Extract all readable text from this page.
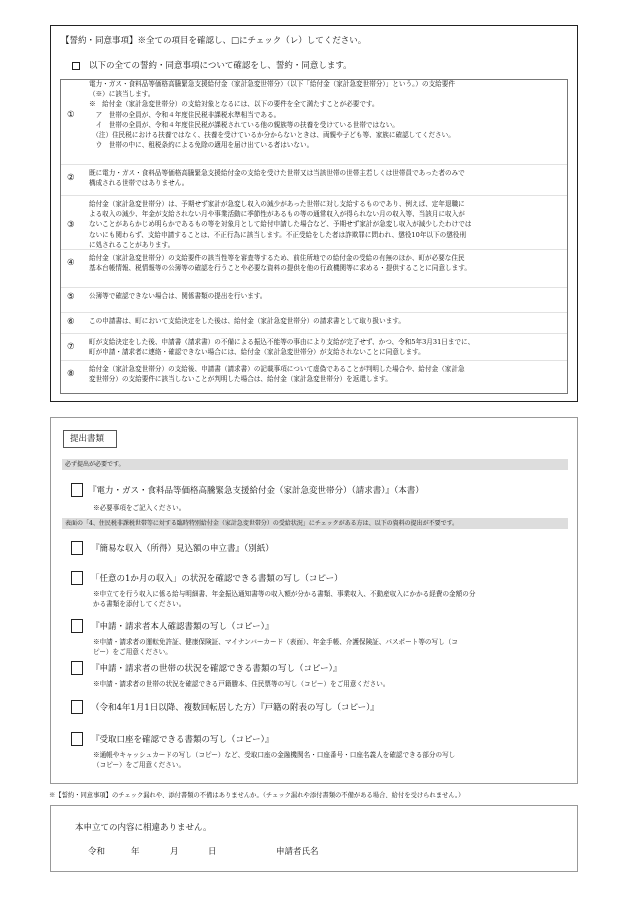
【誓約・同意事項】※全ての項目を確認し、□にチェック（レ）してください。
以下の全ての誓約・同意事項について確認をし、誓約・同意します。
①
電力・ガス・食料品等価格高騰緊急支援給付金（家計急変世帯分）（以下「給付金（家計急変世帯分）」という。）の支給要件
（※）に該当します。
※　給付金（家計急変世帯分）の支給対象となるには、以下の要件を全て満たすことが必要です。
　ア　世帯の全員が、令和４年度住民税非課税水準相当である。
　イ　世帯の全員が、令和４年度住民税が課税されている他の親族等の扶養を受けている世帯ではない。
　（注）住民税における扶養ではなく、扶養を受けているか分からないときは、両親や子ども等、家族に確認してください。
　ウ　世帯の中に、租税条約による免除の適用を届け出ている者はいない。
②
既に電力・ガス・食料品等価格高騰緊急支援給付金の支給を受けた世帯又は当該世帯の世帯主若しくは世帯員であった者のみで
構成される世帯ではありません。
③
給付金（家計急変世帯分）は、予期せず家計が急変し収入の減少があった世帯に対し支給するものであり、例えば、定年退職に
よる収入の減少、年金が支給されない月や事業活動に季節性があるもの等の通常収入が得られない月の収入等、当該月に収入が
ないことがあらかじめ明らかであるもの等を対象月として給付申請した場合など、予期せず家計が急変し収入が減少したわけでは
ないにも関わらず、支給申請することは、不正行為に該当します。不正受給をした者は詐欺罪に問われ、懲役10年以下の懲役刑
に処されることがあります。
④
給付金（家計急変世帯分）の支給要件の該当性等を審査等するため、前住所地での給付金の受給の有無のほか、町が必要な住民
基本台帳情報、税情報等の公簿等の確認を行うことや必要な資料の提供を他の行政機関等に求める・提供することに同意します。
⑤ 公簿等で確認できない場合は、関係書類の提出を行います。
⑥ この申請書は、町において支給決定をした後は、給付金（家計急変世帯分）の請求書として取り扱います。
⑦
町が支給決定をした後、申請書（請求書）の不備による振込不能等の事由により支給が完了せず、かつ、令和5年3月31日までに、
町が申請・請求者に連絡・確認できない場合には、給付金（家計急変世帯分）が支給されないことに同意します。
⑧
給付金（家計急変世帯分）の支給後、申請書（請求書）の記載事項について虚偽であることが判明した場合や、給付金（家計急
変世帯分）の支給要件に該当しないことが判明した場合は、給付金（家計急変世帯分）を返還します。
提出書類
必ず提出が必要です。
『電力・ガス・食料品等価格高騰緊急支援給付金（家計急変世帯分）（請求書）』（本書）
※必要事項をご記入ください。
表面の「4、住民税非課税世帯等に対する臨時特別給付金（家計急変世帯分）の受給状況」にチェックがある方は、以下の資料の提出が不要です。
『簡易な収入（所得）見込額の申立書』（別紙）
「任意の1か月の収入」の状況を確認できる書類の写し（コピー）
※申立てを行う収入に係る給与明細書、年金振込通知書等の収入額が分かる書類、事業収入、不動産収入にかかる経費の金額の分
かる書類を添付してください。
『申請・請求者本人確認書類の写し（コピー）』
※申請・請求者の運転免許証、健康保険証、マイナンバーカード（表面）、年金手帳、介護保険証、パスポート等の写し（コ
ピー）をご用意ください。
『申請・請求者の世帯の状況を確認できる書類の写し（コピー）』
※申請・請求者の世帯の状況を確認できる戸籍謄本、住民票等の写し（コピー）をご用意ください。
（令和4年1月1日以降、複数回転居した方）『戸籍の附表の写し（コピー）』
『受取口座を確認できる書類の写し（コピー）』
※通帳やキャッシュカードの写し（コピー）など、受取口座の金融機関名・口座番号・口座名義人を確認できる部分の写し
（コピー）をご用意ください。
※【誓約・同意事項】のチェック漏れや、添付書類の不備はありませんか。（チェック漏れや添付書類の不備がある場合、給付を受けられません。）
本申立ての内容に相違ありません。
令和	年	月	日	申請者氏名
